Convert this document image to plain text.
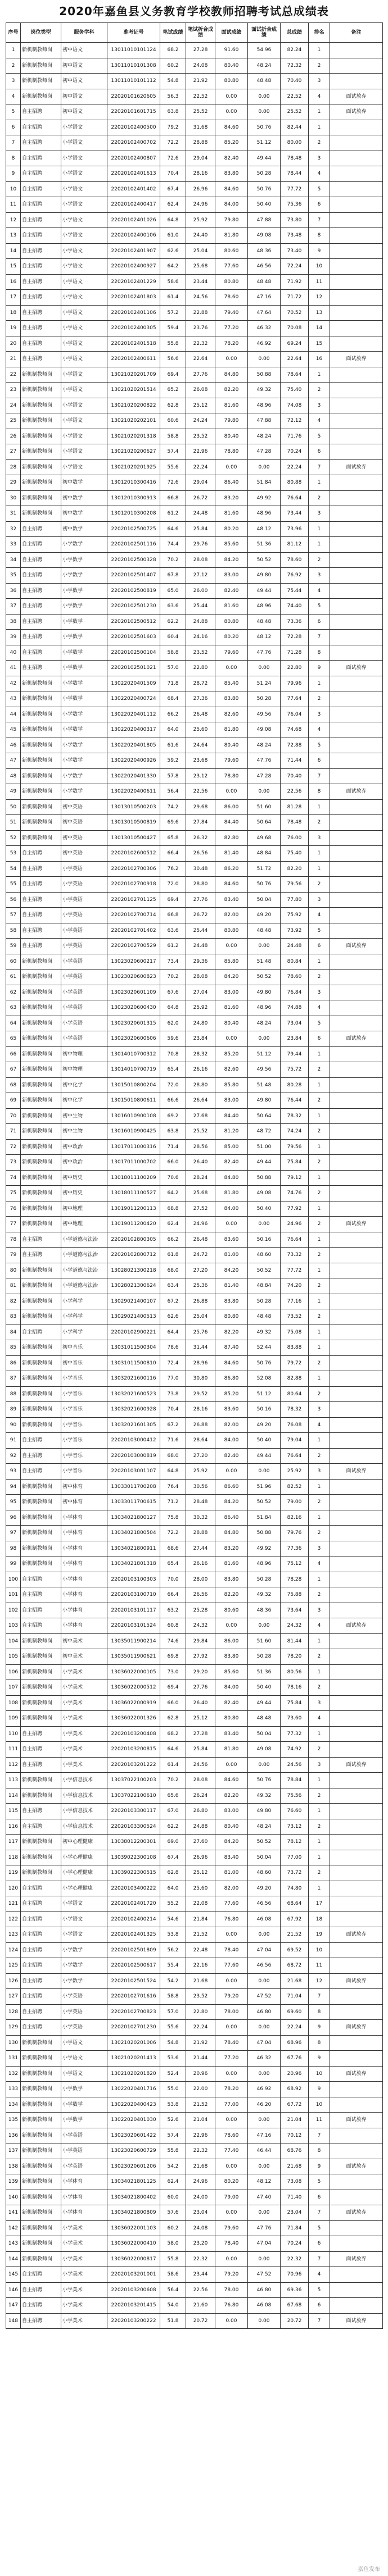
2020年嘉鱼县义务教育学校教师招聘考试总成绩表
序号	岗位类型	服务学科	准考证号	笔试成绩	笔试折合成绩	面试成绩	面试折合成绩	总成绩	排名	备注
1	新机制教师岗	初中语文	13011010101124	68.2	27.28	91.60	54.96	82.24	1	
2	新机制教师岗	初中语文	13011010101308	60.2	24.08	80.40	48.24	72.32	2	
3	新机制教师岗	初中语文	13011010101112	54.8	21.92	80.80	48.48	70.40	3	
4	新机制教师岗	初中语文	22020101620605	56.3	22.52	0.00	0.00	22.52	4	面试放弃
5	自主招聘	初中语文	22020101601715	63.8	25.52	0.00	0.00	25.52	1	面试放弃
6	自主招聘	小学语文	22020102400500	79.2	31.68	84.60	50.76	82.44	1	
7	自主招聘	小学语文	22020102400702	72.2	28.88	85.20	51.12	80.00	2	
8	自主招聘	小学语文	22020102400807	72.6	29.04	82.40	49.44	78.48	3	
9	自主招聘	小学语文	22020102401613	70.4	28.16	83.80	50.28	78.44	4	
10	自主招聘	小学语文	22020102401402	67.4	26.96	84.60	50.76	77.72	5	
11	自主招聘	小学语文	22020102400417	62.4	24.96	84.00	50.40	75.36	6	
12	自主招聘	小学语文	22020102401026	64.8	25.92	79.80	47.88	73.80	7	
13	自主招聘	小学语文	22020102400106	61.0	24.40	81.80	49.08	73.48	8	
14	自主招聘	小学语文	22020102401907	62.6	25.04	80.60	48.36	73.40	9	
15	自主招聘	小学语文	22020102400927	64.2	25.68	77.60	46.56	72.24	10	
16	自主招聘	小学语文	22020102401229	58.6	23.44	80.80	48.48	71.92	11	
17	自主招聘	小学语文	22020102401803	61.4	24.56	78.60	47.16	71.72	12	
18	自主招聘	小学语文	22020102401106	57.2	22.88	79.40	47.64	70.52	13	
19	自主招聘	小学语文	22020102400305	59.4	23.76	77.20	46.32	70.08	14	
20	自主招聘	小学语文	22020102401518	55.8	22.32	78.20	46.92	69.24	15	
21	自主招聘	小学语文	22020102400611	56.6	22.64	0.00	0.00	22.64	16	面试放弃
22	新机制教师岗	小学语文	13021020201709	69.4	27.76	84.80	50.88	78.64	1	
23	新机制教师岗	小学语文	13021020201514	65.2	26.08	82.20	49.32	75.40	2	
24	新机制教师岗	小学语文	13021020200822	62.8	25.12	81.60	48.96	74.08	3	
25	新机制教师岗	小学语文	13021020202101	60.6	24.24	79.80	47.88	72.12	4	
26	新机制教师岗	小学语文	13021020201318	58.8	23.52	80.40	48.24	71.76	5	
27	新机制教师岗	小学语文	13021020200627	57.4	22.96	78.80	47.28	70.24	6	
28	新机制教师岗	小学语文	13021020201925	55.6	22.24	0.00	0.00	22.24	7	面试放弃
29	新机制教师岗	初中数学	13012010300416	72.6	29.04	86.40	51.84	80.88	1	
30	新机制教师岗	初中数学	13012010300913	66.8	26.72	83.20	49.92	76.64	2	
31	新机制教师岗	初中数学	13012010300208	61.2	24.48	81.60	48.96	73.44	3	
32	自主招聘	初中数学	22020102500725	64.6	25.84	80.20	48.12	73.96	1	
33	自主招聘	小学数学	22020102501116	74.4	29.76	85.60	51.36	81.12	1	
34	自主招聘	小学数学	22020102500328	70.2	28.08	84.20	50.52	78.60	2	
35	自主招聘	小学数学	22020102501407	67.8	27.12	83.00	49.80	76.92	3	
36	自主招聘	小学数学	22020102500819	65.0	26.00	82.40	49.44	75.44	4	
37	自主招聘	小学数学	22020102501230	63.6	25.44	81.60	48.96	74.40	5	
38	自主招聘	小学数学	22020102500512	62.2	24.88	80.80	48.48	73.36	6	
39	自主招聘	小学数学	22020102501603	60.4	24.16	80.20	48.12	72.28	7	
40	自主招聘	小学数学	22020102500104	58.8	23.52	79.60	47.76	71.28	8	
41	自主招聘	小学数学	22020102501021	57.0	22.80	0.00	0.00	22.80	9	面试放弃
42	新机制教师岗	小学数学	13022020401509	71.8	28.72	85.40	51.24	79.96	1	
43	新机制教师岗	小学数学	13022020400724	68.4	27.36	83.80	50.28	77.64	2	
44	新机制教师岗	小学数学	13022020401112	66.2	26.48	82.60	49.56	76.04	3	
45	新机制教师岗	小学数学	13022020400317	64.0	25.60	81.80	49.08	74.68	4	
46	新机制教师岗	小学数学	13022020401805	61.6	24.64	80.40	48.24	72.88	5	
47	新机制教师岗	小学数学	13022020400926	59.2	23.68	79.60	47.76	71.44	6	
48	新机制教师岗	小学数学	13022020401330	57.8	23.12	78.80	47.28	70.40	7	
49	新机制教师岗	小学数学	13022020400611	56.4	22.56	0.00	0.00	22.56	8	面试放弃
50	新机制教师岗	初中英语	13013010500203	74.2	29.68	86.00	51.60	81.28	1	
51	新机制教师岗	初中英语	13013010500819	69.6	27.84	84.40	50.64	78.48	2	
52	新机制教师岗	初中英语	13013010500427	65.8	26.32	82.80	49.68	76.00	3	
53	自主招聘	初中英语	22020102600512	66.4	26.56	81.40	48.84	75.40	1	
54	自主招聘	小学英语	22020102700306	76.2	30.48	86.20	51.72	82.20	1	
55	自主招聘	小学英语	22020102700918	72.0	28.80	84.60	50.76	79.56	2	
56	自主招聘	小学英语	22020102701125	69.4	27.76	83.40	50.04	77.80	3	
57	自主招聘	小学英语	22020102700714	66.8	26.72	82.00	49.20	75.92	4	
58	自主招聘	小学英语	22020102701402	63.6	25.44	80.80	48.48	73.92	5	
59	自主招聘	小学英语	22020102700529	61.2	24.48	0.00	0.00	24.48	6	面试放弃
60	新机制教师岗	小学英语	13023020600217	73.4	29.36	85.80	51.48	80.84	1	
61	新机制教师岗	小学英语	13023020600823	70.2	28.08	84.20	50.52	78.60	2	
62	新机制教师岗	小学英语	13023020601109	67.6	27.04	83.00	49.80	76.84	3	
63	新机制教师岗	小学英语	13023020600430	64.8	25.92	81.60	48.96	74.88	4	
64	新机制教师岗	小学英语	13023020601315	62.0	24.80	80.40	48.24	73.04	5	
65	新机制教师岗	小学英语	13023020600606	59.6	23.84	0.00	0.00	23.84	6	面试放弃
66	新机制教师岗	初中物理	13014010700312	70.8	28.32	85.20	51.12	79.44	1	
67	新机制教师岗	初中物理	13014010700719	65.4	26.16	82.60	49.56	75.72	2	
68	新机制教师岗	初中化学	13015010800204	72.0	28.80	85.80	51.48	80.28	1	
69	新机制教师岗	初中化学	13015010800611	66.6	26.64	83.00	49.80	76.44	2	
70	新机制教师岗	初中生物	13016010900108	69.2	27.68	84.40	50.64	78.32	1	
71	新机制教师岗	初中生物	13016010900425	63.8	25.52	81.20	48.72	74.24	2	
72	新机制教师岗	初中政治	13017011000316	71.4	28.56	85.00	51.00	79.56	1	
73	新机制教师岗	初中政治	13017011000702	66.0	26.40	82.40	49.44	75.84	2	
74	新机制教师岗	初中历史	13018011100209	70.6	28.24	84.80	50.88	79.12	1	
75	新机制教师岗	初中历史	13018011100527	64.2	25.68	81.80	49.08	74.76	2	
76	新机制教师岗	初中地理	13019011200113	68.8	27.52	84.00	50.40	77.92	1	
77	新机制教师岗	初中地理	13019011200420	62.4	24.96	0.00	0.00	24.96	2	面试放弃
78	自主招聘	小学道德与法治	22020102800305	66.2	26.48	83.60	50.16	76.64	1	
79	自主招聘	小学道德与法治	22020102800712	61.8	24.72	81.00	48.60	73.32	2	
80	新机制教师岗	小学道德与法治	13028021300218	68.0	27.20	84.20	50.52	77.72	1	
81	新机制教师岗	小学道德与法治	13028021300624	63.4	25.36	81.40	48.84	74.20	2	
82	新机制教师岗	小学科学	13029021400107	67.2	26.88	83.80	50.28	77.16	1	
83	新机制教师岗	小学科学	13029021400513	62.6	25.04	80.80	48.48	73.52	2	
84	自主招聘	小学科学	22020102900221	64.4	25.76	82.20	49.32	75.08	1	
85	新机制教师岗	初中音乐	13031011500304	78.6	31.44	87.40	52.44	83.88	1	
86	新机制教师岗	初中音乐	13031011500810	72.4	28.96	84.60	50.76	79.72	2	
87	新机制教师岗	小学音乐	13032021600116	77.0	30.80	86.80	52.08	82.88	1	
88	新机制教师岗	小学音乐	13032021600523	73.8	29.52	85.20	51.12	80.64	2	
89	新机制教师岗	小学音乐	13032021600928	70.4	28.16	83.60	50.16	78.32	3	
90	新机制教师岗	小学音乐	13032021601305	67.2	26.88	82.00	49.20	76.08	4	
91	自主招聘	小学音乐	22020103000412	71.6	28.64	84.00	50.40	79.04	1	
92	自主招聘	小学音乐	22020103000819	68.0	27.20	82.40	49.44	76.64	2	
93	自主招聘	小学音乐	22020103001107	64.8	25.92	0.00	0.00	25.92	3	面试放弃
94	新机制教师岗	初中体育	13033011700208	76.4	30.56	86.60	51.96	82.52	1	
95	新机制教师岗	初中体育	13033011700615	71.2	28.48	84.20	50.52	79.00	2	
96	新机制教师岗	小学体育	13034021800127	75.8	30.32	86.40	51.84	82.16	1	
97	新机制教师岗	小学体育	13034021800504	72.2	28.88	84.80	50.88	79.76	2	
98	新机制教师岗	小学体育	13034021800911	68.6	27.44	83.20	49.92	77.36	3	
99	新机制教师岗	小学体育	13034021801318	65.4	26.16	81.60	48.96	75.12	4	
100	自主招聘	小学体育	22020103100303	70.0	28.00	83.80	50.28	78.28	1	
101	自主招聘	小学体育	22020103100710	66.4	26.56	82.20	49.32	75.88	2	
102	自主招聘	小学体育	22020103101117	63.2	25.28	80.60	48.36	73.64	3	
103	自主招聘	小学体育	22020103101524	60.8	24.32	0.00	0.00	24.32	4	面试放弃
104	新机制教师岗	初中美术	13035011900214	74.6	29.84	86.00	51.60	81.44	1	
105	新机制教师岗	初中美术	13035011900621	69.8	27.92	83.80	50.28	78.20	2	
106	新机制教师岗	小学美术	13036022000105	73.0	29.20	85.60	51.36	80.56	1	
107	新机制教师岗	小学美术	13036022000512	69.4	27.76	84.00	50.40	78.16	2	
108	新机制教师岗	小学美术	13036022000919	66.0	26.40	82.40	49.44	75.84	3	
109	新机制教师岗	小学美术	13036022001326	62.8	25.12	80.80	48.48	73.60	4	
110	自主招聘	小学美术	22020103200408	68.2	27.28	83.40	50.04	77.32	1	
111	自主招聘	小学美术	22020103200815	64.6	25.84	81.80	49.08	74.92	2	
112	自主招聘	小学美术	22020103201222	61.4	24.56	0.00	0.00	24.56	3	面试放弃
113	新机制教师岗	小学信息技术	13037022100203	70.2	28.08	84.60	50.76	78.84	1	
114	新机制教师岗	小学信息技术	13037022100610	65.6	26.24	82.20	49.32	75.56	2	
115	自主招聘	小学信息技术	22020103300117	67.0	26.80	83.00	49.80	76.60	1	
116	自主招聘	小学信息技术	22020103300524	62.2	24.88	80.40	48.24	73.12	2	
117	新机制教师岗	初中心理健康	13038012200301	69.0	27.60	84.20	50.52	78.12	1	
118	新机制教师岗	小学心理健康	13039022300108	67.4	26.96	83.40	50.04	77.00	1	
119	新机制教师岗	小学心理健康	13039022300515	62.8	25.12	81.00	48.60	73.72	2	
120	自主招聘	小学心理健康	22020103400222	64.0	25.60	82.00	49.20	74.80	1	
121	自主招聘	小学语文	22020102401720	55.2	22.08	77.60	46.56	68.64	17	
122	自主招聘	小学语文	22020102400214	54.6	21.84	76.80	46.08	67.92	18	
123	自主招聘	小学语文	22020102401325	53.8	21.52	0.00	0.00	21.52	19	面试放弃
124	自主招聘	小学数学	22020102501809	56.2	22.48	78.40	47.04	69.52	10	
125	自主招聘	小学数学	22020102500617	55.4	22.16	77.60	46.56	68.72	11	
126	自主招聘	小学数学	22020102501524	54.2	21.68	0.00	0.00	21.68	12	面试放弃
127	自主招聘	小学英语	22020102701616	58.8	23.52	79.20	47.52	71.04	7	
128	自主招聘	小学英语	22020102700823	57.0	22.80	78.00	46.80	69.60	8	
129	自主招聘	小学英语	22020102701230	55.6	22.24	0.00	0.00	22.24	9	面试放弃
130	新机制教师岗	小学语文	13021020201006	54.8	21.92	78.40	47.04	68.96	8	
131	新机制教师岗	小学语文	13021020201413	53.6	21.44	77.20	46.32	67.76	9	
132	新机制教师岗	小学语文	13021020201820	52.4	20.96	0.00	0.00	20.96	10	面试放弃
133	新机制教师岗	小学数学	13022020401716	55.0	22.00	78.20	46.92	68.92	9	
134	新机制教师岗	小学数学	13022020400423	53.8	21.52	77.00	46.20	67.72	10	
135	新机制教师岗	小学数学	13022020401030	52.6	21.04	0.00	0.00	21.04	11	面试放弃
136	新机制教师岗	小学英语	13023020601422	57.4	22.96	78.60	47.16	70.12	7	
137	新机制教师岗	小学英语	13023020600729	55.8	22.32	77.40	46.44	68.76	8	
138	新机制教师岗	小学英语	13023020601206	54.2	21.68	0.00	0.00	21.68	9	面试放弃
139	新机制教师岗	小学体育	13034021801125	62.4	24.96	80.20	48.12	73.08	5	
140	新机制教师岗	小学体育	13034021800402	60.0	24.00	79.00	47.40	71.40	6	
141	新机制教师岗	小学体育	13034021800809	57.6	23.04	0.00	0.00	23.04	7	面试放弃
142	新机制教师岗	小学美术	13036022001103	60.2	24.08	79.60	47.76	71.84	5	
143	新机制教师岗	小学美术	13036022000410	58.0	23.20	78.40	47.04	70.24	6	
144	新机制教师岗	小学美术	13036022000817	55.8	22.32	0.00	0.00	22.32	7	面试放弃
145	自主招聘	小学美术	22020103201001	58.6	23.44	79.20	47.52	70.96	4	
146	自主招聘	小学美术	22020103200608	56.4	22.56	78.00	46.80	69.36	5	
147	自主招聘	小学美术	22020103201415	54.0	21.60	76.80	46.08	67.68	6	
148	自主招聘	小学美术	22020103200222	51.8	20.72	0.00	0.00	20.72	7	面试放弃
嘉鱼发布
